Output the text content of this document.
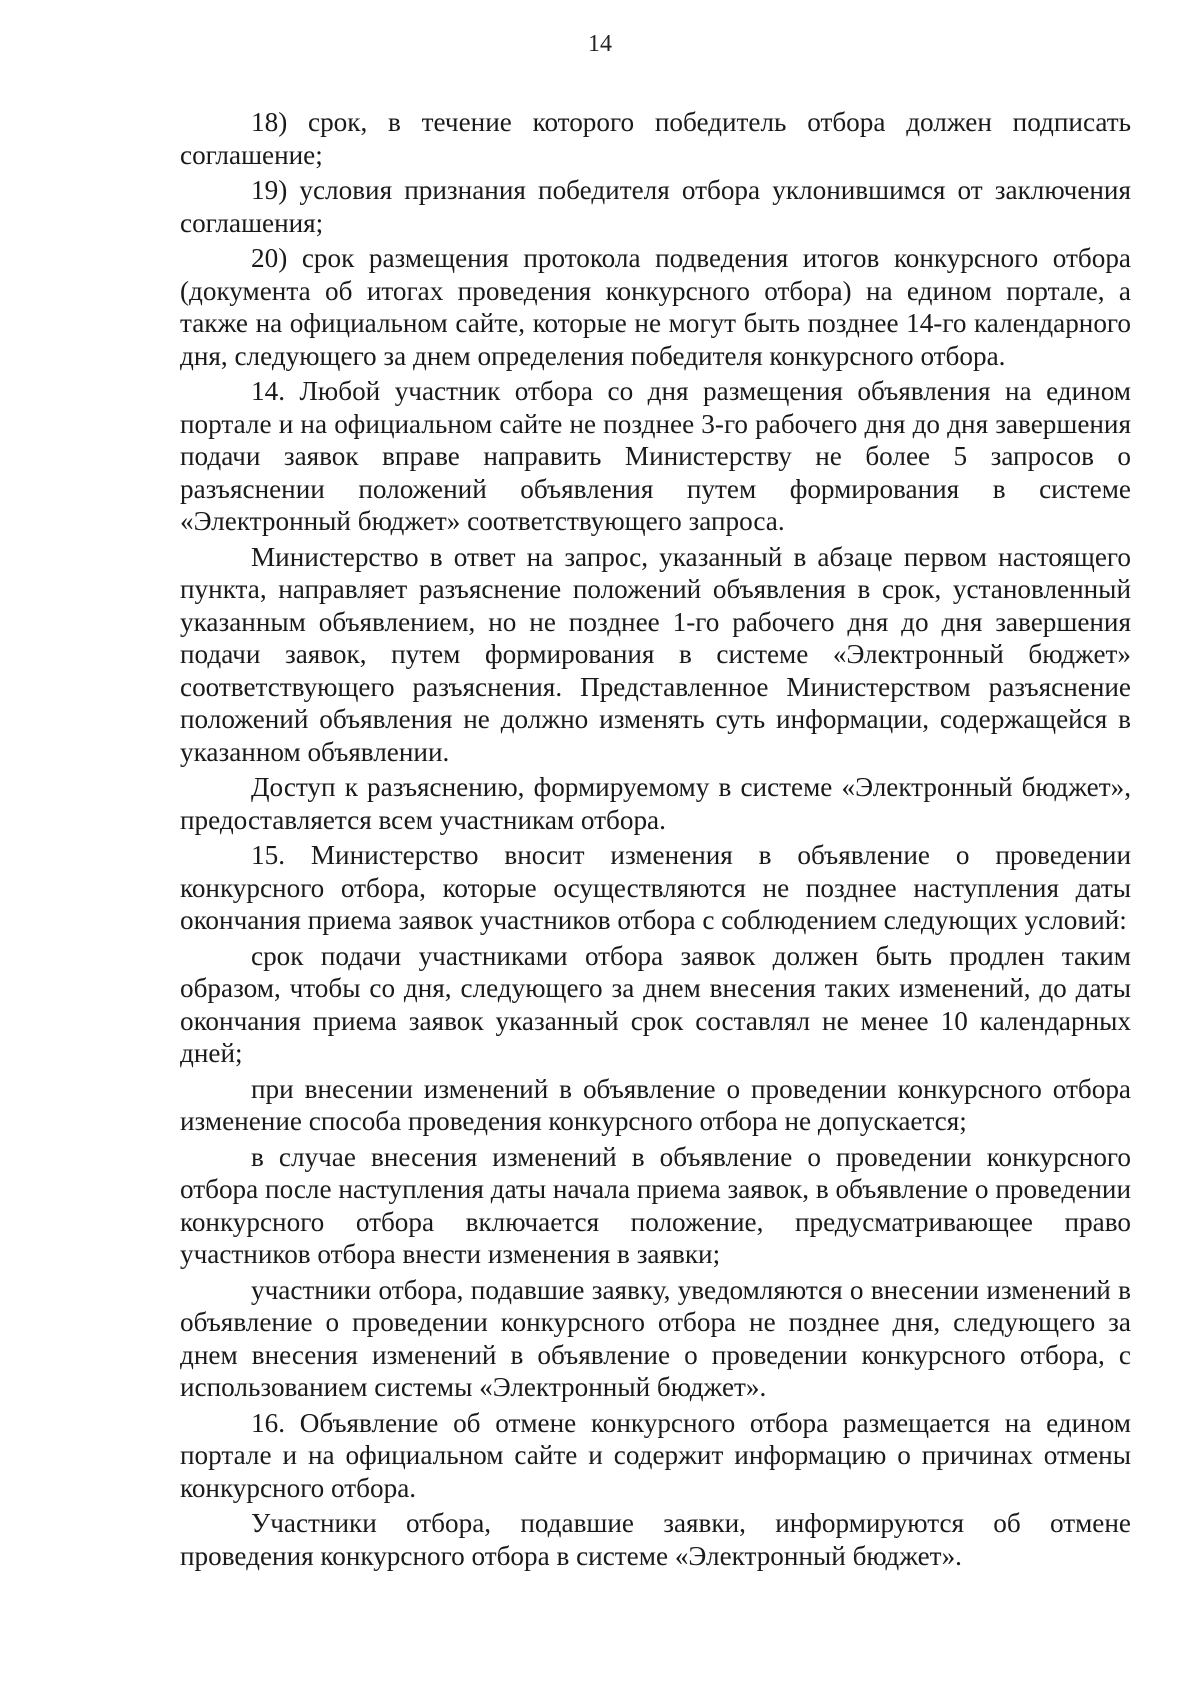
14

18) срок, в течение которого победитель отбора должен подписать соглашение;

19) условия признания победителя отбора уклонившимся от заключения соглашения;

20) срок размещения протокола подведения итогов конкурсного отбора (документа об итогах проведения конкурсного отбора) на едином портале, а также на официальном сайте, которые не могут быть позднее 14-го календарного дня, следующего за днем определения победителя конкурсного отбора.

14. Любой участник отбора со дня размещения объявления на едином портале и на официальном сайте не позднее 3-го рабочего дня до дня завершения подачи заявок вправе направить Министерству не более 5 запросов о разъяснении положений объявления путем формирования в системе «Электронный бюджет» соответствующего запроса.

Министерство в ответ на запрос, указанный в абзаце первом настоящего пункта, направляет разъяснение положений объявления в срок, установленный указанным объявлением, но не позднее 1-го рабочего дня до дня завершения подачи заявок, путем формирования в системе «Электронный бюджет» соответствующего разъяснения. Представленное Министерством разъяснение положений объявления не должно изменять суть информации, содержащейся в указанном объявлении.

Доступ к разъяснению, формируемому в системе «Электронный бюджет», предоставляется всем участникам отбора.

15. Министерство вносит изменения в объявление о проведении конкурсного отбора, которые осуществляются не позднее наступления даты окончания приема заявок участников отбора с соблюдением следующих условий:

срок подачи участниками отбора заявок должен быть продлен таким образом, чтобы со дня, следующего за днем внесения таких изменений, до даты окончания приема заявок указанный срок составлял не менее 10 календарных дней;

при внесении изменений в объявление о проведении конкурсного отбора изменение способа проведения конкурсного отбора не допускается;

в случае внесения изменений в объявление о проведении конкурсного отбора после наступления даты начала приема заявок, в объявление о проведении конкурсного отбора включается положение, предусматривающее право участников отбора внести изменения в заявки;

участники отбора, подавшие заявку, уведомляются о внесении изменений в объявление о проведении конкурсного отбора не позднее дня, следующего за днем внесения изменений в объявление о проведении конкурсного отбора, с использованием системы «Электронный бюджет».

16. Объявление об отмене конкурсного отбора размещается на едином портале и на официальном сайте и содержит информацию о причинах отмены конкурсного отбора.

Участники отбора, подавшие заявки, информируются об отмене проведения конкурсного отбора в системе «Электронный бюджет».
